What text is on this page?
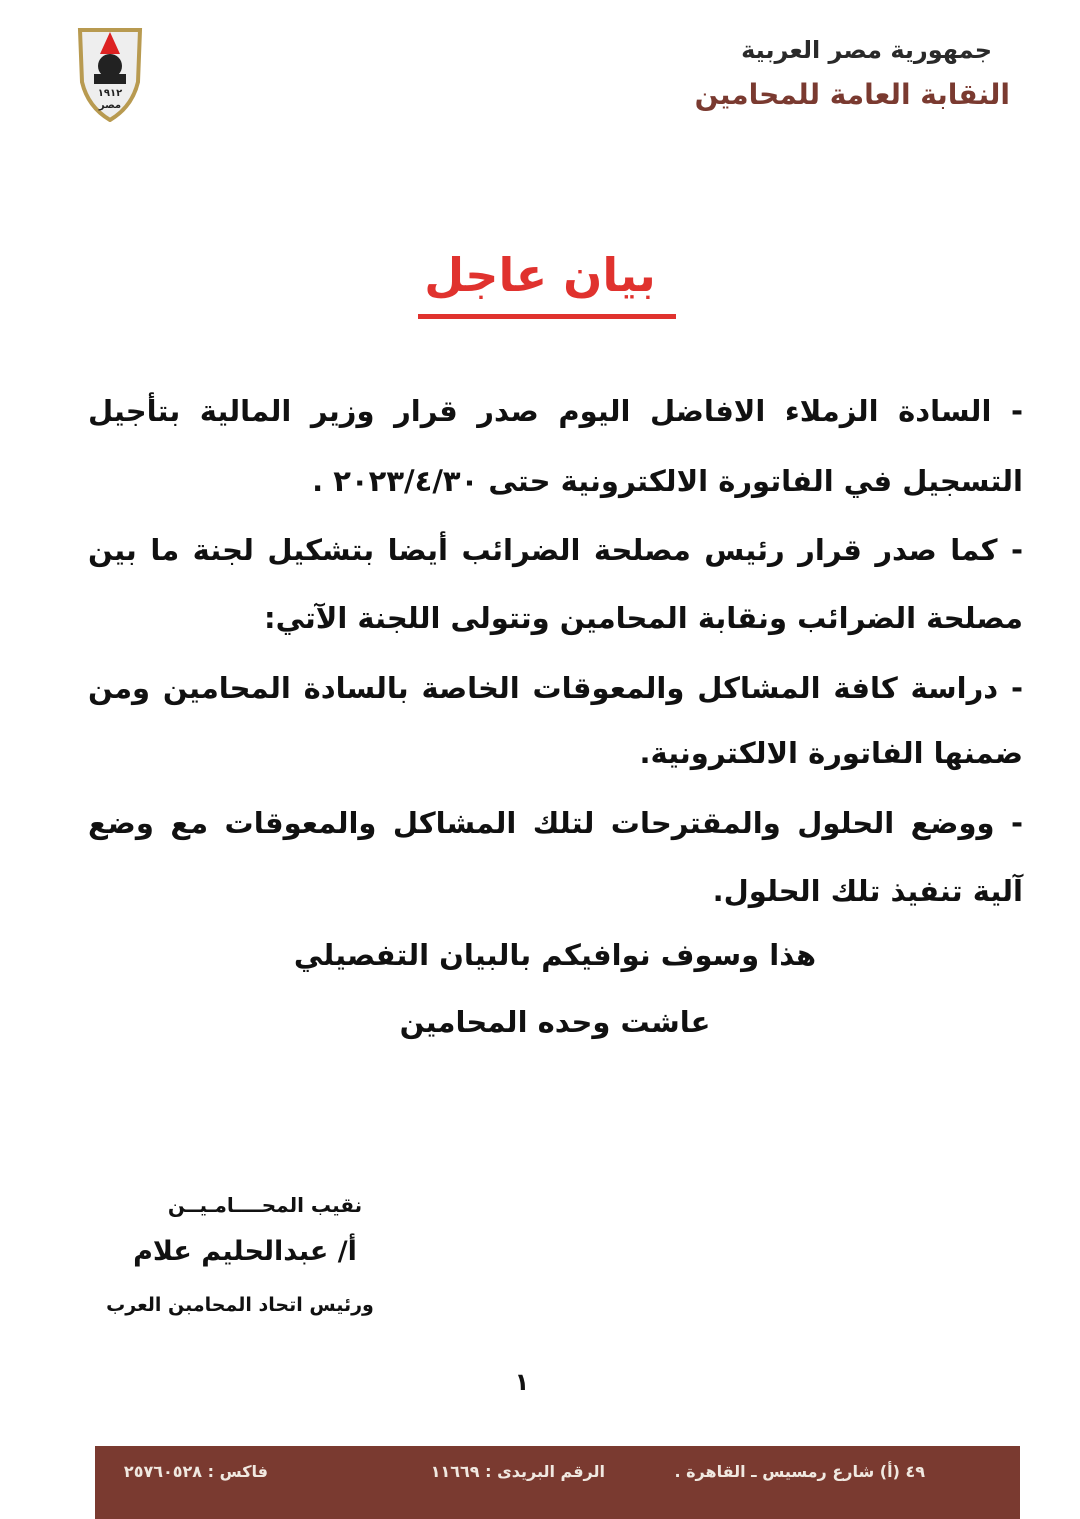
١٩١٢
مصر
جمهورية مصر العربية
النقابة العامة للمحامين
بيان عاجل
- السادة الزملاء الافاضل اليوم صدر قرار وزير المالية بتأجيل
التسجيل في الفاتورة الالكترونية حتى ٢٠٢٣/٤/٣٠ .
- كما صدر قرار رئيس مصلحة الضرائب أيضا بتشكيل لجنة ما بين
مصلحة الضرائب ونقابة المحامين وتتولى اللجنة الآتي:
- دراسة كافة المشاكل والمعوقات الخاصة بالسادة المحامين ومن
ضمنها الفاتورة الالكترونية.
- ووضع الحلول والمقترحات لتلك المشاكل والمعوقات مع وضع
آلية تنفيذ تلك الحلول.
هذا وسوف نوافيكم بالبيان التفصيلي
عاشت وحده المحامين
نقيب المحــــامـيــن
أ/ عبدالحليم علام
ورئيس اتحاد المحامبن العرب
١
٤٩ (أ) شارع رمسيس ـ القاهرة .
الرقم البريدى : ١١٦٦٩
فاكس : ٢٥٧٦٠٥٢٨
